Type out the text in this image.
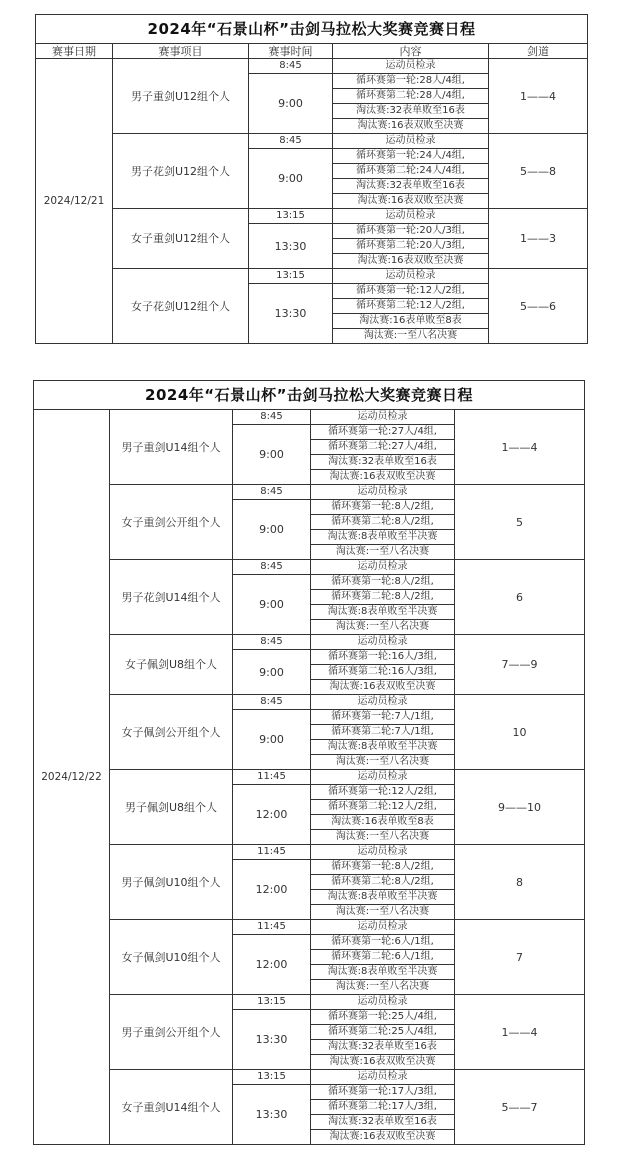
2024年“石景山杯”击剑马拉松大奖赛竞赛日程				
赛事日期	赛事项目	赛事时间	内容	剑道
2024/12/21	男子重剑U12组个人	8:45	运动员检录	1——4
		9:00	循环赛第一轮:28人/4组,	
			循环赛第二轮:28人/4组,	
			淘汰赛:32表单败至16表	
			淘汰赛:16表双败至决赛	
	男子花剑U12组个人	8:45	运动员检录	5——8
		9:00	循环赛第一轮:24人/4组,	
			循环赛第二轮:24人/4组,	
			淘汰赛:32表单败至16表	
			淘汰赛:16表双败至决赛	
	女子重剑U12组个人	13:15	运动员检录	1——3
		13:30	循环赛第一轮:20人/3组,	
			循环赛第二轮:20人/3组,	
			淘汰赛:16表双败至决赛	
	女子花剑U12组个人	13:15	运动员检录	5——6
		13:30	循环赛第一轮:12人/2组,	
			循环赛第二轮:12人/2组,	
			淘汰赛:16表单败至8表	
			淘汰赛:一至八名决赛	
2024年“石景山杯”击剑马拉松大奖赛竞赛日程				
2024/12/22	男子重剑U14组个人	8:45	运动员检录	1——4
		9:00	循环赛第一轮:27人/4组,	
			循环赛第二轮:27人/4组,	
			淘汰赛:32表单败至16表	
			淘汰赛:16表双败至决赛	
	女子重剑公开组个人	8:45	运动员检录	5
		9:00	循环赛第一轮:8人/2组,	
			循环赛第二轮:8人/2组,	
			淘汰赛:8表单败至半决赛	
			淘汰赛:一至八名决赛	
	男子花剑U14组个人	8:45	运动员检录	6
		9:00	循环赛第一轮:8人/2组,	
			循环赛第二轮:8人/2组,	
			淘汰赛:8表单败至半决赛	
			淘汰赛:一至八名决赛	
	女子佩剑U8组个人	8:45	运动员检录	7——9
		9:00	循环赛第一轮:16人/3组,	
			循环赛第二轮:16人/3组,	
			淘汰赛:16表双败至决赛	
	女子佩剑公开组个人	8:45	运动员检录	10
		9:00	循环赛第一轮:7人/1组,	
			循环赛第二轮:7人/1组,	
			淘汰赛:8表单败至半决赛	
			淘汰赛:一至八名决赛	
	男子佩剑U8组个人	11:45	运动员检录	9——10
		12:00	循环赛第一轮:12人/2组,	
			循环赛第二轮:12人/2组,	
			淘汰赛:16表单败至8表	
			淘汰赛:一至八名决赛	
	男子佩剑U10组个人	11:45	运动员检录	8
		12:00	循环赛第一轮:8人/2组,	
			循环赛第二轮:8人/2组,	
			淘汰赛:8表单败至半决赛	
			淘汰赛:一至八名决赛	
	女子佩剑U10组个人	11:45	运动员检录	7
		12:00	循环赛第一轮:6人/1组,	
			循环赛第二轮:6人/1组,	
			淘汰赛:8表单败至半决赛	
			淘汰赛:一至八名决赛	
	男子重剑公开组个人	13:15	运动员检录	1——4
		13:30	循环赛第一轮:25人/4组,	
			循环赛第二轮:25人/4组,	
			淘汰赛:32表单败至16表	
			淘汰赛:16表双败至决赛	
	女子重剑U14组个人	13:15	运动员检录	5——7
		13:30	循环赛第一轮:17人/3组,	
			循环赛第二轮:17人/3组,	
			淘汰赛:32表单败至16表	
			淘汰赛:16表双败至决赛	
